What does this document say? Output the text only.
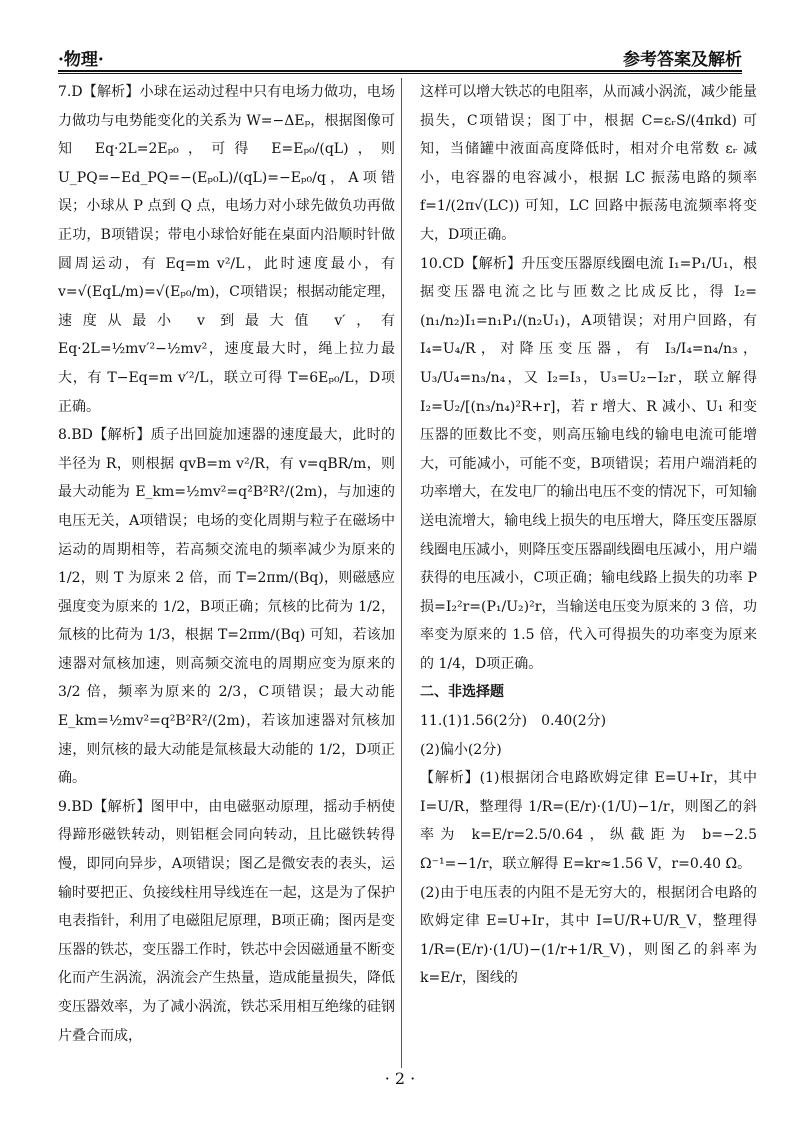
·物理·	参考答案及解析

7.D【解析】小球在运动过程中只有电场力做功，电场力做功与电势能变化的关系为 W=−ΔEₚ，根据图像可知 Eq·2L=2Eₚ₀，可得 E=Eₚ₀/(qL)，则 U_PQ=−Ed_PQ=−(Eₚ₀L)/(qL)=−Eₚ₀/q，A项错误；小球从 P 点到 Q 点，电场力对小球先做负功再做正功，B项错误；带电小球恰好能在桌面内沿顺时针做圆周运动，有 Eq=m v²/L，此时速度最小，有 v=√(EqL/m)=√(Eₚ₀/m)，C项错误；根据动能定理，速度从最小 v 到最大值 v′，有 Eq·2L=½mv′²−½mv²，速度最大时，绳上拉力最大，有 T−Eq=m v′²/L，联立可得 T=6Eₚ₀/L，D项正确。

8.BD【解析】质子出回旋加速器的速度最大，此时的半径为 R，则根据 qvB=m v²/R，有 v=qBR/m，则最大动能为 E_km=½mv²=q²B²R²/(2m)，与加速的电压无关，A项错误；电场的变化周期与粒子在磁场中运动的周期相等，若高频交流电的频率减少为原来的 1/2，则 T 为原来 2 倍，而 T=2πm/(Bq)，则磁感应强度变为原来的 1/2，B项正确；氘核的比荷为 1/2，氚核的比荷为 1/3，根据 T=2πm/(Bq) 可知，若该加速器对氚核加速，则高频交流电的周期应变为原来的 3/2 倍，频率为原来的 2/3，C项错误；最大动能 E_km=½mv²=q²B²R²/(2m)，若该加速器对氘核加速，则氘核的最大动能是氚核最大动能的 1/2，D项正确。

9.BD【解析】图甲中，由电磁驱动原理，摇动手柄使得蹄形磁铁转动，则铝框会同向转动，且比磁铁转得慢，即同向异步，A项错误；图乙是微安表的表头，运输时要把正、负接线柱用导线连在一起，这是为了保护电表指针，利用了电磁阻尼原理，B项正确；图丙是变压器的铁芯，变压器工作时，铁芯中会因磁通量不断变化而产生涡流，涡流会产生热量，造成能量损失，降低变压器效率，为了减小涡流，铁芯采用相互绝缘的硅钢片叠合而成，

这样可以增大铁芯的电阻率，从而减小涡流，减少能量损失，C项错误；图丁中，根据 C=εᵣS/(4πkd) 可知，当储罐中液面高度降低时，相对介电常数 εᵣ 减小，电容器的电容减小，根据 LC 振荡电路的频率 f=1/(2π√(LC)) 可知，LC 回路中振荡电流频率将变大，D项正确。

10.CD【解析】升压变压器原线圈电流 I₁=P₁/U₁，根据变压器电流之比与匝数之比成反比，得 I₂=(n₁/n₂)I₁=n₁P₁/(n₂U₁)，A项错误；对用户回路，有 I₄=U₄/R，对降压变压器，有 I₃/I₄=n₄/n₃，U₃/U₄=n₃/n₄，又 I₂=I₃，U₃=U₂−I₂r，联立解得 I₂=U₂/[(n₃/n₄)²R+r]，若 r 增大、R 减小、U₁ 和变压器的匝数比不变，则高压输电线的输电电流可能增大，可能减小，可能不变，B项错误；若用户端消耗的功率增大，在发电厂的输出电压不变的情况下，可知输送电流增大，输电线上损失的电压增大，降压变压器原线圈电压减小，则降压变压器副线圈电压减小，用户端获得的电压减小，C项正确；输电线路上损失的功率 P损=I₂²r=(P₁/U₂)²r，当输送电压变为原来的 3 倍，功率变为原来的 1.5 倍，代入可得损失的功率变为原来的 1/4，D项正确。

二、非选择题

11.(1)1.56(2分)　0.40(2分)

(2)偏小(2分)

【解析】(1)根据闭合电路欧姆定律 E=U+Ir，其中 I=U/R，整理得 1/R=(E/r)·(1/U)−1/r，则图乙的斜率为 k=E/r=2.5/0.64，纵截距为 b=−2.5 Ω⁻¹=−1/r，联立解得 E=kr≈1.56 V，r=0.40 Ω。

(2)由于电压表的内阻不是无穷大的，根据闭合电路的欧姆定律 E=U+Ir，其中 I=U/R+U/R_V，整理得 1/R=(E/r)·(1/U)−(1/r+1/R_V)，则图乙的斜率为 k=E/r，图线的

· 2 ·
